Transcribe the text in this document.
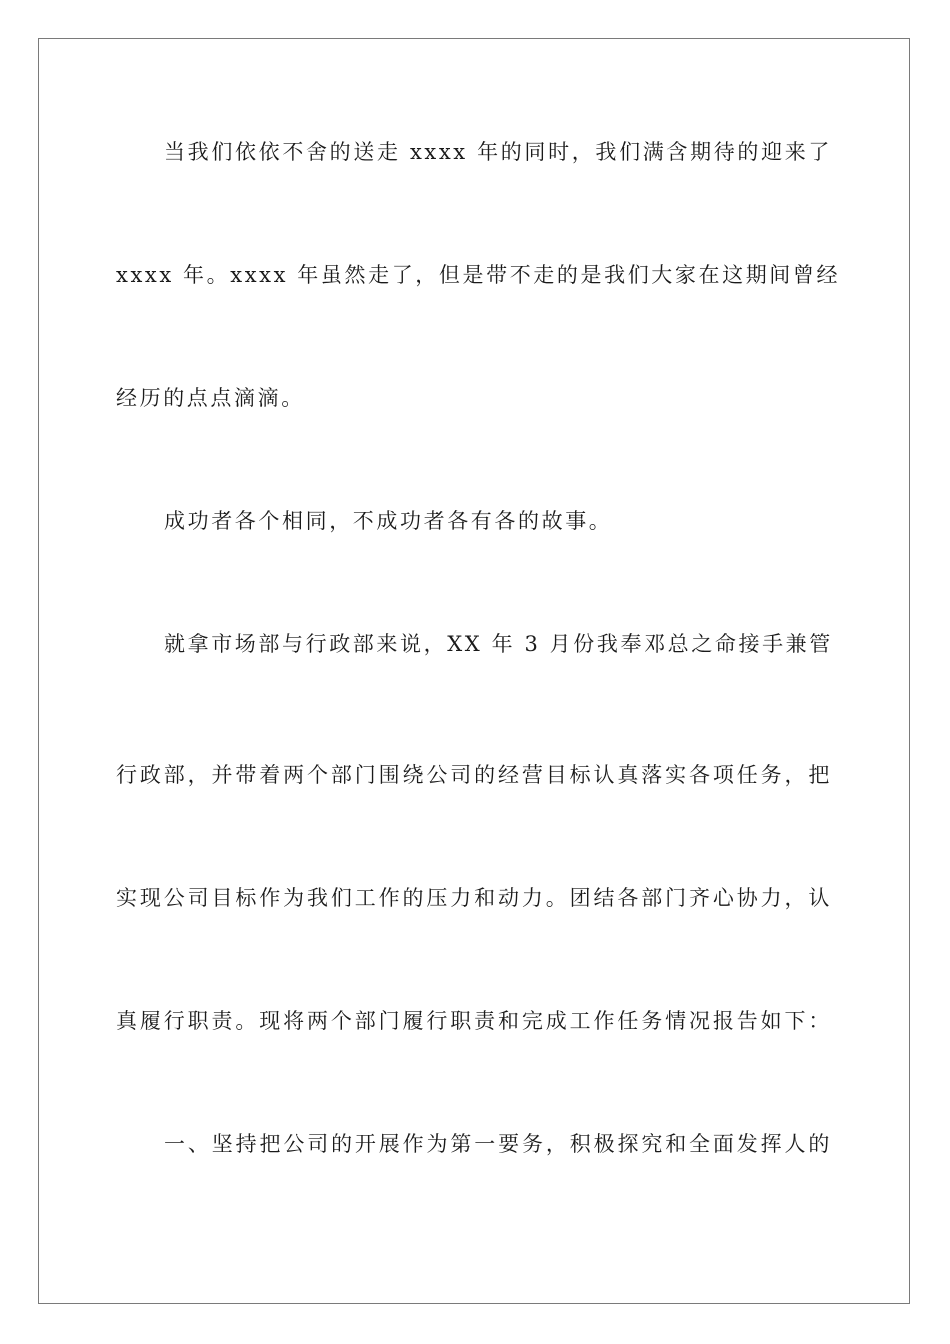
当我们依依不舍的送走 xxxx 年的同时，我们满含期待的迎来了
xxxx 年。xxxx 年虽然走了，但是带不走的是我们大家在这期间曾经
经历的点点滴滴。
成功者各个相同，不成功者各有各的故事。
就拿市场部与行政部来说，XX 年 3 月份我奉邓总之命接手兼管
行政部，并带着两个部门围绕公司的经营目标认真落实各项任务，把
实现公司目标作为我们工作的压力和动力。团结各部门齐心协力，认
真履行职责。现将两个部门履行职责和完成工作任务情况报告如下：
一、坚持把公司的开展作为第一要务，积极探究和全面发挥人的
